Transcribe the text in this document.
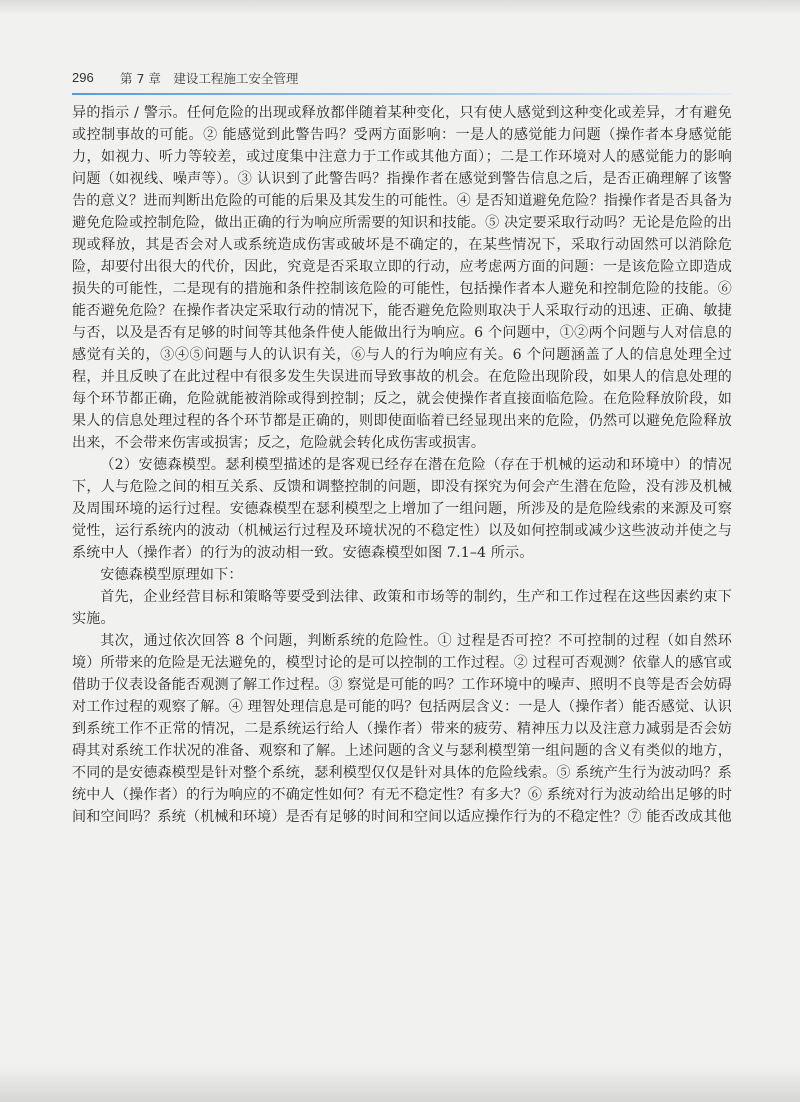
296 第 7 章　建设工程施工安全管理

异的指示 / 警示。任何危险的出现或释放都伴随着某种变化，只有使人感觉到这种变化或差异，才有避免或控制事故的可能。② 能感觉到此警告吗？受两方面影响：一是人的感觉能力问题（操作者本身感觉能力，如视力、听力等较差，或过度集中注意力于工作或其他方面）；二是工作环境对人的感觉能力的影响问题（如视线、噪声等）。③ 认识到了此警告吗？指操作者在感觉到警告信息之后，是否正确理解了该警告的意义？进而判断出危险的可能的后果及其发生的可能性。④ 是否知道避免危险？指操作者是否具备为避免危险或控制危险，做出正确的行为响应所需要的知识和技能。⑤ 决定要采取行动吗？无论是危险的出现或释放，其是否会对人或系统造成伤害或破坏是不确定的，在某些情况下，采取行动固然可以消除危险，却要付出很大的代价，因此，究竟是否采取立即的行动，应考虑两方面的问题：一是该危险立即造成损失的可能性，二是现有的措施和条件控制该危险的可能性，包括操作者本人避免和控制危险的技能。⑥ 能否避免危险？在操作者决定采取行动的情况下，能否避免危险则取决于人采取行动的迅速、正确、敏捷与否，以及是否有足够的时间等其他条件使人能做出行为响应。6 个问题中，①②两个问题与人对信息的感觉有关的，③④⑤问题与人的认识有关，⑥与人的行为响应有关。6 个问题涵盖了人的信息处理全过程，并且反映了在此过程中有很多发生失误进而导致事故的机会。在危险出现阶段，如果人的信息处理的每个环节都正确，危险就能被消除或得到控制；反之，就会使操作者直接面临危险。在危险释放阶段，如果人的信息处理过程的各个环节都是正确的，则即使面临着已经显现出来的危险，仍然可以避免危险释放出来，不会带来伤害或损害；反之，危险就会转化成伤害或损害。

（2）安德森模型。瑟利模型描述的是客观已经存在潜在危险（存在于机械的运动和环境中）的情况下，人与危险之间的相互关系、反馈和调整控制的问题，即没有探究为何会产生潜在危险，没有涉及机械及周围环境的运行过程。安德森模型在瑟利模型之上增加了一组问题，所涉及的是危险线索的来源及可察觉性，运行系统内的波动（机械运行过程及环境状况的不稳定性）以及如何控制或减少这些波动并使之与系统中人（操作者）的行为的波动相一致。安德森模型如图 7.1–4 所示。

安德森模型原理如下：

首先，企业经营目标和策略等要受到法律、政策和市场等的制约，生产和工作过程在这些因素约束下实施。

其次，通过依次回答 8 个问题，判断系统的危险性。① 过程是否可控？不可控制的过程（如自然环境）所带来的危险是无法避免的，模型讨论的是可以控制的工作过程。② 过程可否观测？依靠人的感官或借助于仪表设备能否观测了解工作过程。③ 察觉是可能的吗？工作环境中的噪声、照明不良等是否会妨碍对工作过程的观察了解。④ 理智处理信息是可能的吗？包括两层含义：一是人（操作者）能否感觉、认识到系统工作不正常的情况，二是系统运行给人（操作者）带来的疲劳、精神压力以及注意力减弱是否会妨碍其对系统工作状况的准备、观察和了解。上述问题的含义与瑟利模型第一组问题的含义有类似的地方，不同的是安德森模型是针对整个系统，瑟利模型仅仅是针对具体的危险线索。⑤ 系统产生行为波动吗？系统中人（操作者）的行为响应的不确定性如何？有无不稳定性？有多大？⑥ 系统对行为波动给出足够的时间和空间吗？系统（机械和环境）是否有足够的时间和空间以适应操作行为的不稳定性？⑦ 能否改成其他
